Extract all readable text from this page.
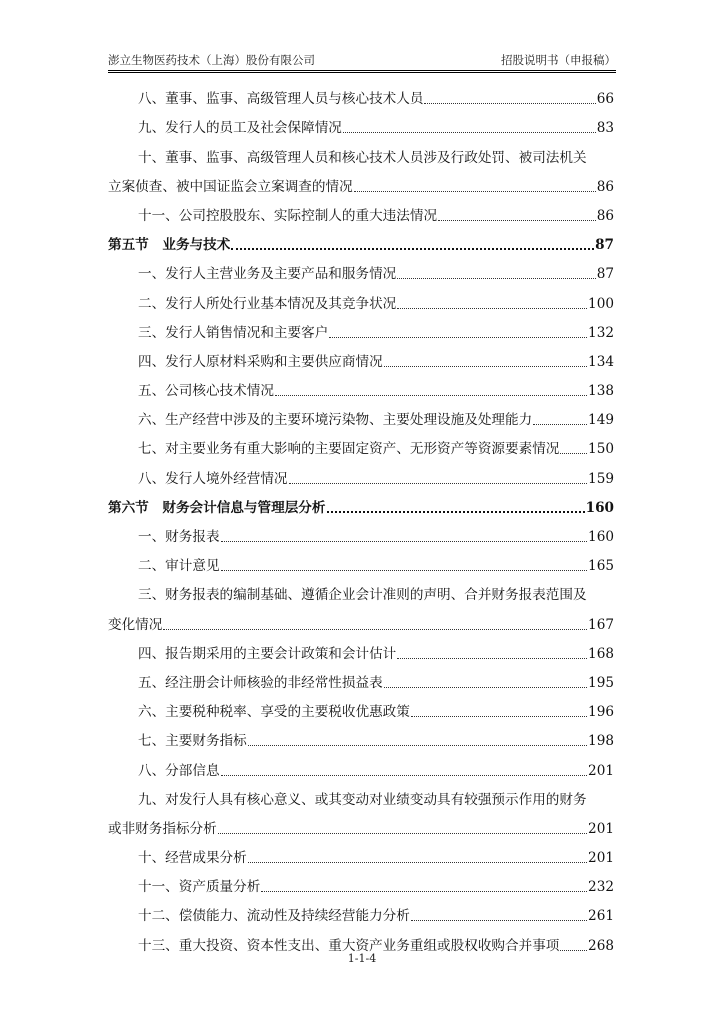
澎立生物医药技术（上海）股份有限公司	招股说明书（申报稿）
八、董事、监事、高级管理人员与核心技术人员	66
九、发行人的员工及社会保障情况	83
十、董事、监事、高级管理人员和核心技术人员涉及行政处罚、被司法机关
立案侦查、被中国证监会立案调查的情况	86
十一、公司控股股东、实际控制人的重大违法情况	86
第五节　业务与技术	87
一、发行人主营业务及主要产品和服务情况	87
二、发行人所处行业基本情况及其竞争状况	100
三、发行人销售情况和主要客户	132
四、发行人原材料采购和主要供应商情况	134
五、公司核心技术情况	138
六、生产经营中涉及的主要环境污染物、主要处理设施及处理能力	149
七、对主要业务有重大影响的主要固定资产、无形资产等资源要素情况 150
八、发行人境外经营情况	159
第六节　财务会计信息与管理层分析	160
一、财务报表	160
二、审计意见	165
三、财务报表的编制基础、遵循企业会计准则的声明、合并财务报表范围及
变化情况	167
四、报告期采用的主要会计政策和会计估计	168
五、经注册会计师核验的非经常性损益表	195
六、主要税种税率、享受的主要税收优惠政策	196
七、主要财务指标	198
八、分部信息	201
九、对发行人具有核心意义、或其变动对业绩变动具有较强预示作用的财务
或非财务指标分析	201
十、经营成果分析	201
十一、资产质量分析	232
十二、偿债能力、流动性及持续经营能力分析	261
十三、重大投资、资本性支出、重大资产业务重组或股权收购合并事项 268
1-1-4
